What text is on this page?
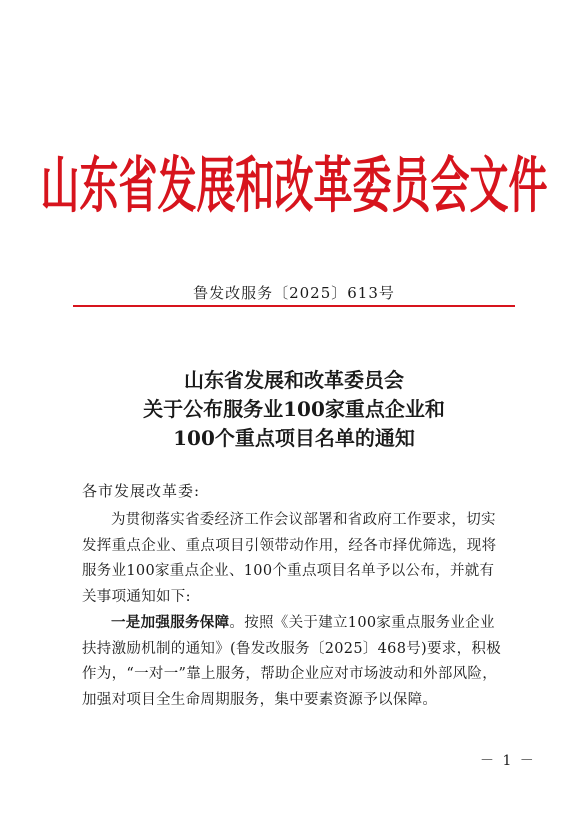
山东省发展和改革委员会文件
鲁发改服务〔2025〕613号
山东省发展和改革委员会
关于公布服务业100家重点企业和
100个重点项目名单的通知
各市发展改革委:

为贯彻落实省委经济工作会议部署和省政府工作要求，切实
发挥重点企业、重点项目引领带动作用，经各市择优筛选，现将
服务业100家重点企业、100个重点项目名单予以公布，并就有
关事项通知如下:

一是加强服务保障。按照《关于建立100家重点服务业企业
扶持激励机制的通知》(鲁发改服务〔2025〕468号)要求，积极
作为，“一对一”靠上服务，帮助企业应对市场波动和外部风险，
加强对项目全生命周期服务，集中要素资源予以保障。

－ 1 －
